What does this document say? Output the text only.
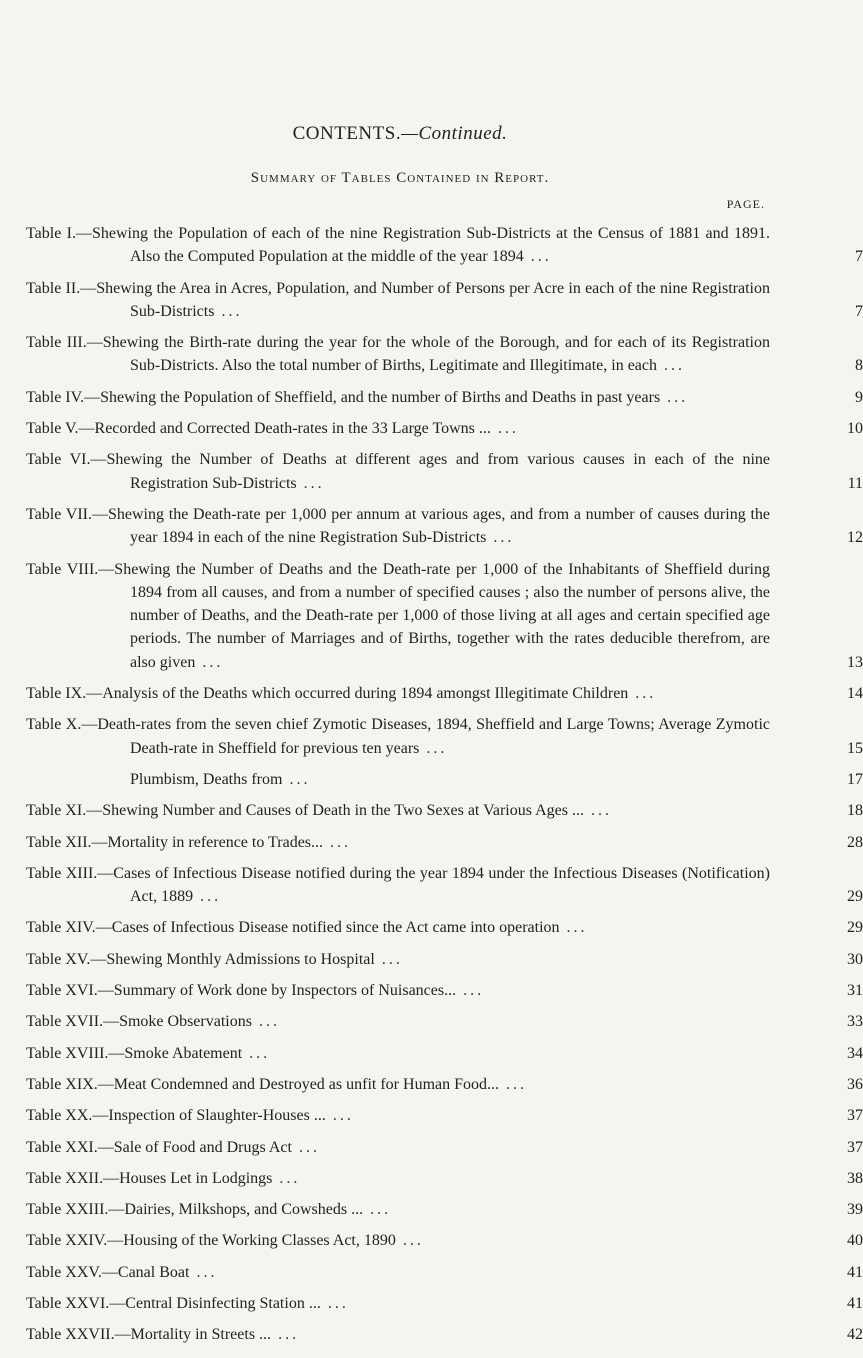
CONTENTS.—Continued.
Summary of Tables Contained in Report.
PAGE.
Table I.—Shewing the Population of each of the nine Registration Sub-Districts at the Census of 1881 and 1891. Also the Computed Population at the middle of the year 1894 ...	7
Table II.—Shewing the Area in Acres, Population, and Number of Persons per Acre in each of the nine Registration Sub-Districts ...	7
Table III.—Shewing the Birth-rate during the year for the whole of the Borough, and for each of its Registration Sub-Districts. Also the total number of Births, Legitimate and Illegitimate, in each ...	8
Table IV.—Shewing the Population of Sheffield, and the number of Births and Deaths in past years ...	9
Table V.—Recorded and Corrected Death-rates in the 33 Large Towns ... ...	10
Table VI.—Shewing the Number of Deaths at different ages and from various causes in each of the nine Registration Sub-Districts ...	11
Table VII.—Shewing the Death-rate per 1,000 per annum at various ages, and from a number of causes during the year 1894 in each of the nine Registration Sub-Districts ...	12
Table VIII.—Shewing the Number of Deaths and the Death-rate per 1,000 of the Inhabitants of Sheffield during 1894 from all causes, and from a number of specified causes ; also the number of persons alive, the number of Deaths, and the Death-rate per 1,000 of those living at all ages and certain specified age periods. The number of Marriages and of Births, together with the rates deducible therefrom, are also given ...	13
Table IX.—Analysis of the Deaths which occurred during 1894 amongst Illegitimate Children ...	14
Table X.—Death-rates from the seven chief Zymotic Diseases, 1894, Sheffield and Large Towns; Average Zymotic Death-rate in Sheffield for previous ten years ...	15
Plumbism, Deaths from ...	17
Table XI.—Shewing Number and Causes of Death in the Two Sexes at Various Ages ... ...	18
Table XII.—Mortality in reference to Trades... ...	28
Table XIII.—Cases of Infectious Disease notified during the year 1894 under the Infectious Diseases (Notification) Act, 1889 ...	29
Table XIV.—Cases of Infectious Disease notified since the Act came into operation ...	29
Table XV.—Shewing Monthly Admissions to Hospital ...	30
Table XVI.—Summary of Work done by Inspectors of Nuisances... ...	31
Table XVII.—Smoke Observations ...	33
Table XVIII.—Smoke Abatement ...	34
Table XIX.—Meat Condemned and Destroyed as unfit for Human Food... ...	36
Table XX.—Inspection of Slaughter-Houses ... ...	37
Table XXI.—Sale of Food and Drugs Act ...	37
Table XXII.—Houses Let in Lodgings ...	38
Table XXIII.—Dairies, Milkshops, and Cowsheds ... ...	39
Table XXIV.—Housing of the Working Classes Act, 1890 ...	40
Table XXV.—Canal Boat ...	41
Table XXVI.—Central Disinfecting Station ... ...	41
Table XXVII.—Mortality in Streets ... ...	42
